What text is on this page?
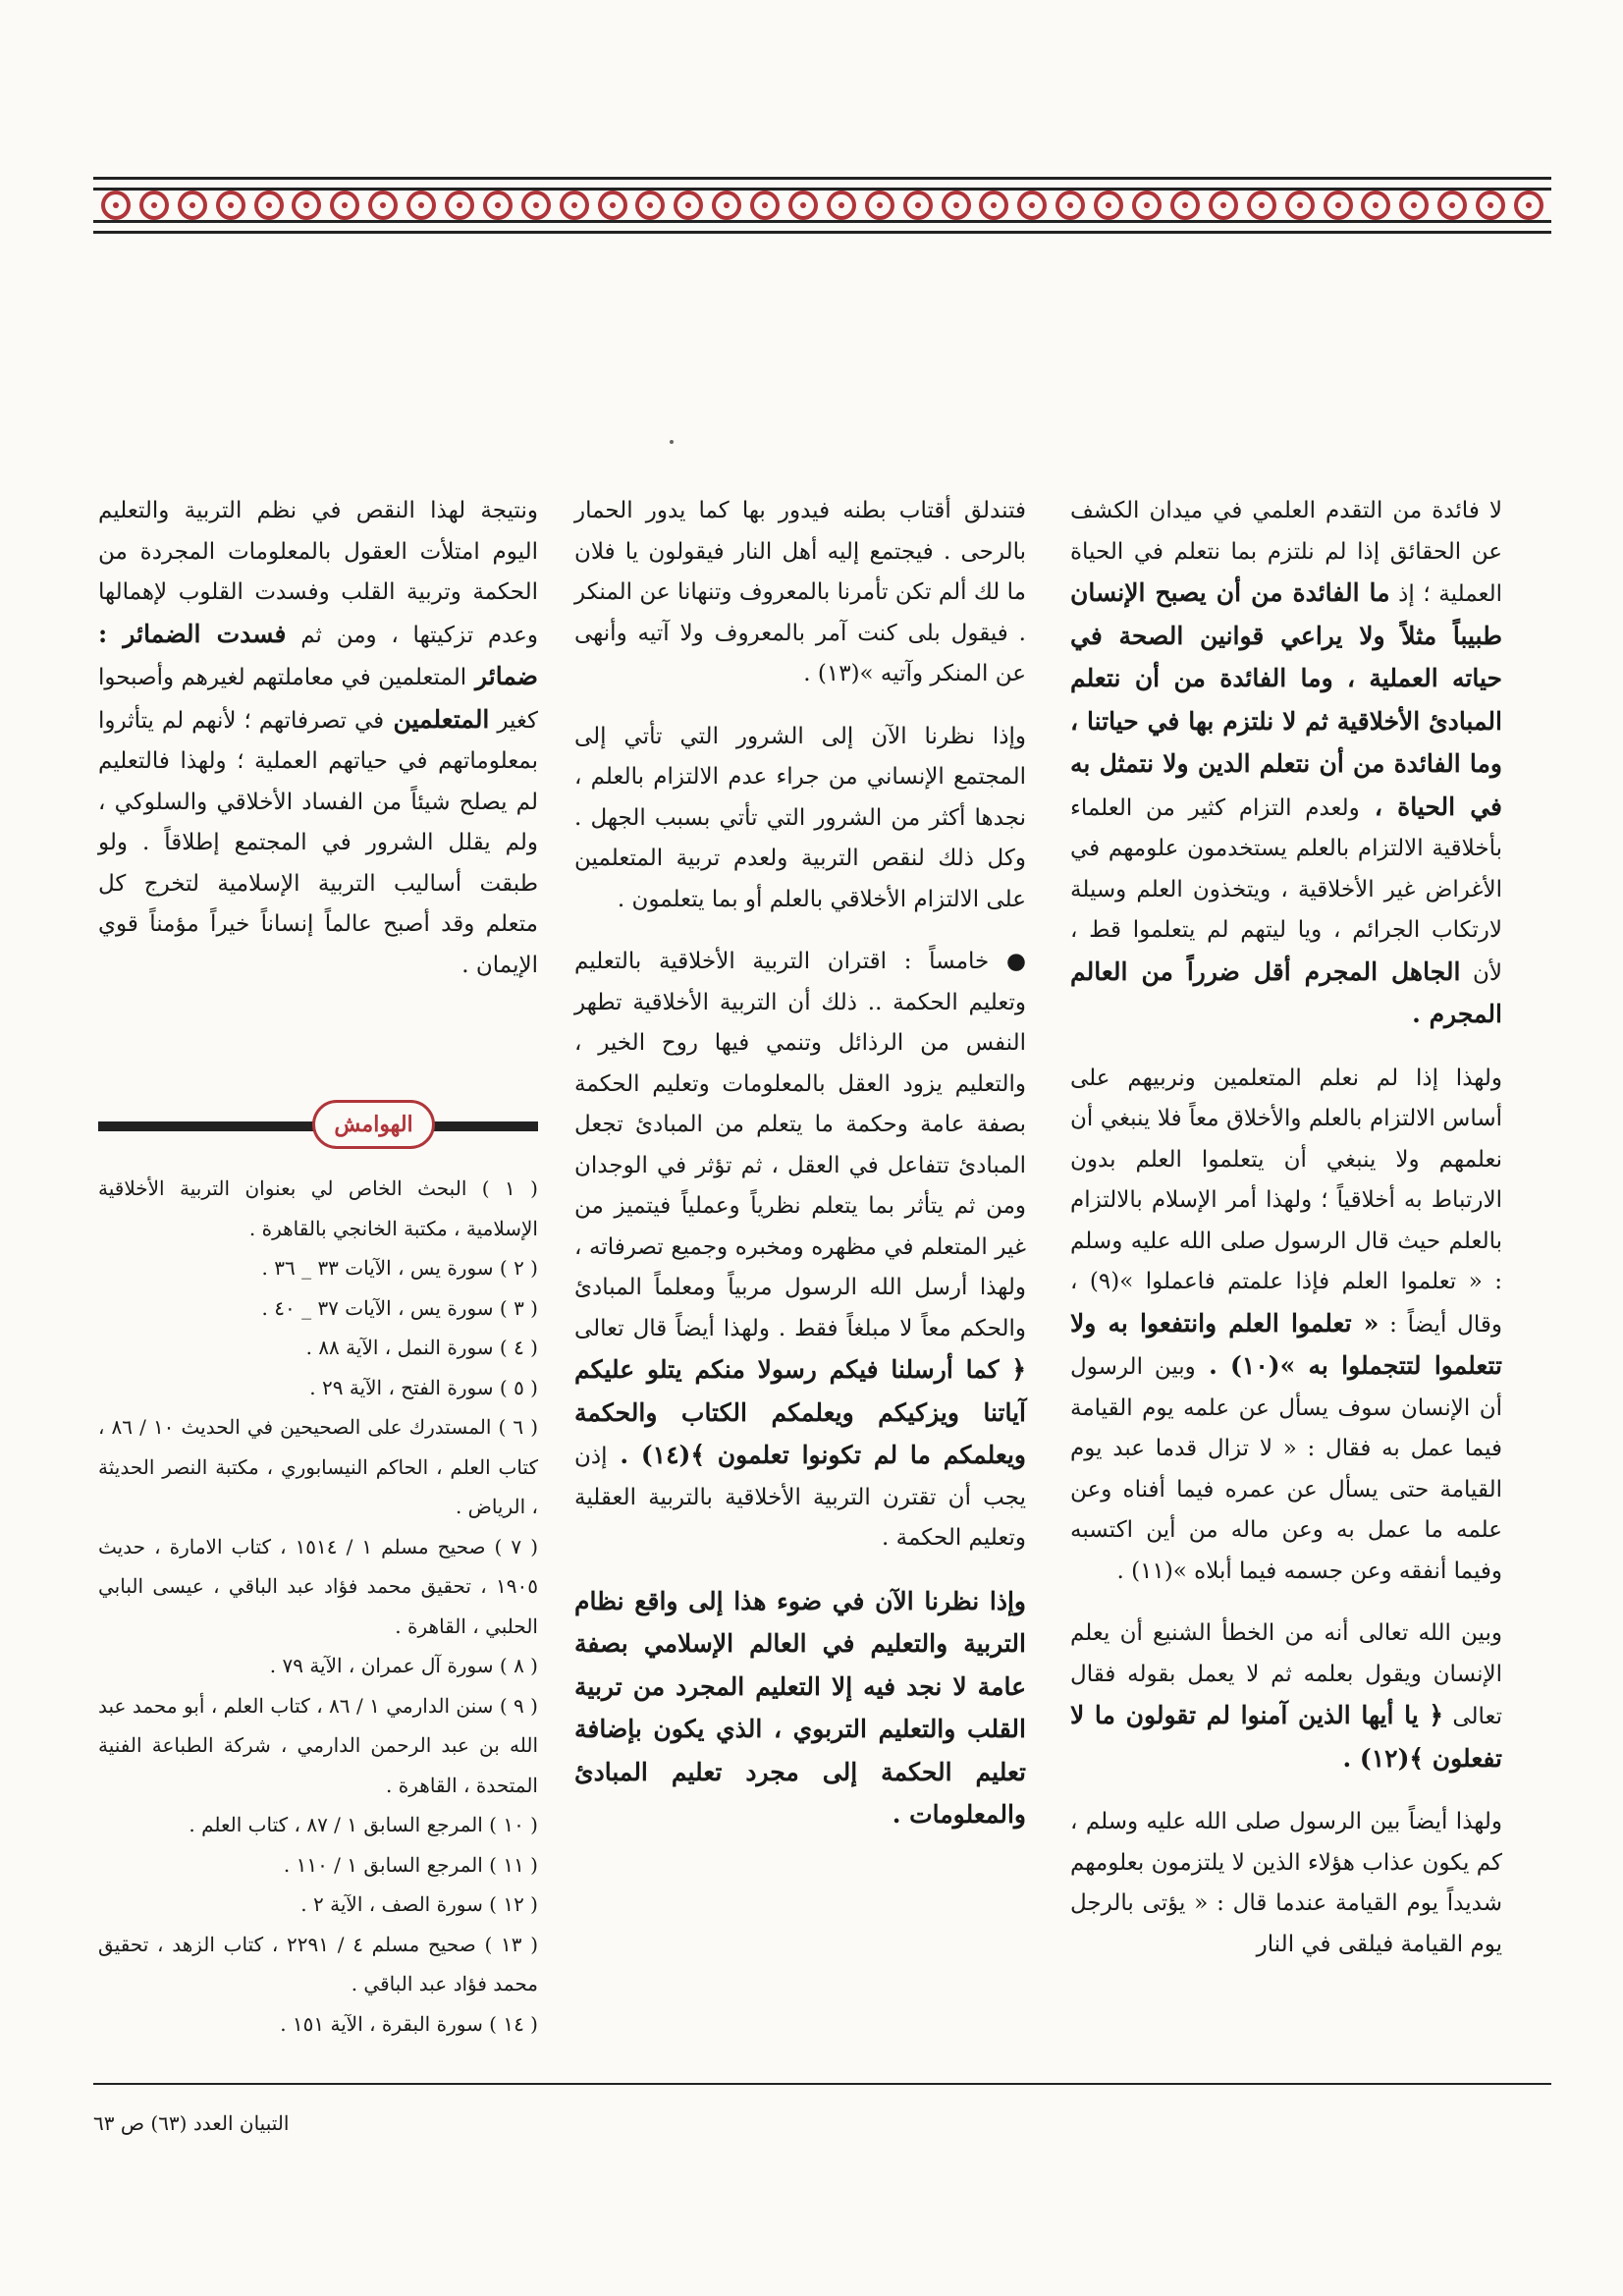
لا فائدة من التقدم العلمي في ميدان الكشف عن الحقائق إذا لم نلتزم بما نتعلم في الحياة العملية ؛ إذ ما الفائدة من أن يصبح الإنسان طبيباً مثلاً ولا يراعي قوانين الصحة في حياته العملية ، وما الفائدة من أن نتعلم المبادئ الأخلاقية ثم لا نلتزم بها في حياتنا ، وما الفائدة من أن نتعلم الدين ولا نتمثل به في الحياة ، ولعدم التزام كثير من العلماء بأخلاقية الالتزام بالعلم يستخدمون علومهم في الأغراض غير الأخلاقية ، ويتخذون العلم وسيلة لارتكاب الجرائم ، ويا ليتهم لم يتعلموا قط ، لأن الجاهل المجرم أقل ضرراً من العالم المجرم .

ولهذا إذا لم نعلم المتعلمين ونربيهم على أساس الالتزام بالعلم والأخلاق معاً فلا ينبغي أن نعلمهم ولا ينبغي أن يتعلموا العلم بدون الارتباط به أخلاقياً ؛ ولهذا أمر الإسلام بالالتزام بالعلم حيث قال الرسول صلى الله عليه وسلم : « تعلموا العلم فإذا علمتم فاعملوا »(٩) ، وقال أيضاً : « تعلموا العلم وانتفعوا به ولا تتعلموا لتتجملوا به »(١٠) . وبين الرسول أن الإنسان سوف يسأل عن علمه يوم القيامة فيما عمل به فقال : « لا تزال قدما عبد يوم القيامة حتى يسأل عن عمره فيما أفناه وعن علمه ما عمل به وعن ماله من أين اكتسبه وفيما أنفقه وعن جسمه فيما أبلاه »(١١) .

وبين الله تعالى أنه من الخطأ الشنيع أن يعلم الإنسان ويقول بعلمه ثم لا يعمل بقوله فقال تعالى ﴿ يا أيها الذين آمنوا لم تقولون ما لا تفعلون ﴾(١٢) .

ولهذا أيضاً بين الرسول صلى الله عليه وسلم ، كم يكون عذاب هؤلاء الذين لا يلتزمون بعلومهم شديداً يوم القيامة عندما قال : « يؤتى بالرجل يوم القيامة فيلقى في النار

فتندلق أقتاب بطنه فيدور بها كما يدور الحمار بالرحى . فيجتمع إليه أهل النار فيقولون يا فلان ما لك ألم تكن تأمرنا بالمعروف وتنهانا عن المنكر . فيقول بلى كنت آمر بالمعروف ولا آتيه وأنهى عن المنكر وآتيه »(١٣) .

وإذا نظرنا الآن إلى الشرور التي تأتي إلى المجتمع الإنساني من جراء عدم الالتزام بالعلم ، نجدها أكثر من الشرور التي تأتي بسبب الجهل . وكل ذلك لنقص التربية ولعدم تربية المتعلمين على الالتزام الأخلاقي بالعلم أو بما يتعلمون .

● خامساً : اقتران التربية الأخلاقية بالتعليم وتعليم الحكمة .. ذلك أن التربية الأخلاقية تطهر النفس من الرذائل وتنمي فيها روح الخير ، والتعليم يزود العقل بالمعلومات وتعليم الحكمة بصفة عامة وحكمة ما يتعلم من المبادئ تجعل المبادئ تتفاعل في العقل ، ثم تؤثر في الوجدان ومن ثم يتأثر بما يتعلم نظرياً وعملياً فيتميز من غير المتعلم في مظهره ومخبره وجميع تصرفاته ، ولهذا أرسل الله الرسول مربياً ومعلماً المبادئ والحكم معاً لا مبلغاً فقط . ولهذا أيضاً قال تعالى ﴿ كما أرسلنا فيكم رسولا منكم يتلو عليكم آياتنا ويزكيكم ويعلمكم الكتاب والحكمة ويعلمكم ما لم تكونوا تعلمون ﴾(١٤) . إذن يجب أن تقترن التربية الأخلاقية بالتربية العقلية وتعليم الحكمة .

وإذا نظرنا الآن في ضوء هذا إلى واقع نظام التربية والتعليم في العالم الإسلامي بصفة عامة لا نجد فيه إلا التعليم المجرد من تربية القلب والتعليم التربوي ، الذي يكون بإضافة تعليم الحكمة إلى مجرد تعليم المبادئ والمعلومات .

ونتيجة لهذا النقص في نظم التربية والتعليم اليوم امتلأت العقول بالمعلومات المجردة من الحكمة وتربية القلب وفسدت القلوب لإهمالها وعدم تزكيتها ، ومن ثم فسدت الضمائر : ضمائر المتعلمين في معاملتهم لغيرهم وأصبحوا كغير المتعلمين في تصرفاتهم ؛ لأنهم لم يتأثروا بمعلوماتهم في حياتهم العملية ؛ ولهذا فالتعليم لم يصلح شيئاً من الفساد الأخلاقي والسلوكي ، ولم يقلل الشرور في المجتمع إطلاقاً . ولو طبقت أساليب التربية الإسلامية لتخرج كل متعلم وقد أصبح عالماً إنساناً خيراً مؤمناً قوي الإيمان .

الهوامش

( ١ ) البحث الخاص لي بعنوان التربية الأخلاقية الإسلامية ، مكتبة الخانجي بالقاهرة .

( ٢ ) سورة يس ، الآيات ٣٣ _ ٣٦ .

( ٣ ) سورة يس ، الآيات ٣٧ _ ٤٠ .

( ٤ ) سورة النمل ، الآية ٨٨ .

( ٥ ) سورة الفتح ، الآية ٢٩ .

( ٦ ) المستدرك على الصحيحين في الحديث ١٠ / ٨٦ ، كتاب العلم ، الحاكم النيسابوري ، مكتبة النصر الحديثة ، الرياض .

( ٧ ) صحيح مسلم ١ / ١٥١٤ ، كتاب الامارة ، حديث ١٩٠٥ ، تحقيق محمد فؤاد عبد الباقي ، عيسى البابي الحلبي ، القاهرة .

( ٨ ) سورة آل عمران ، الآية ٧٩ .

( ٩ ) سنن الدارمي ١ / ٨٦ ، كتاب العلم ، أبو محمد عبد الله بن عبد الرحمن الدارمي ، شركة الطباعة الفنية المتحدة ، القاهرة .

( ١٠ ) المرجع السابق ١ / ٨٧ ، كتاب العلم .

( ١١ ) المرجع السابق ١ / ١١٠ .

( ١٢ ) سورة الصف ، الآية ٢ .

( ١٣ ) صحيح مسلم ٤ / ٢٢٩١ ، كتاب الزهد ، تحقيق محمد فؤاد عبد الباقي .

( ١٤ ) سورة البقرة ، الآية ١٥١ .

التبيان العدد (٦٣) ص ٦٣
